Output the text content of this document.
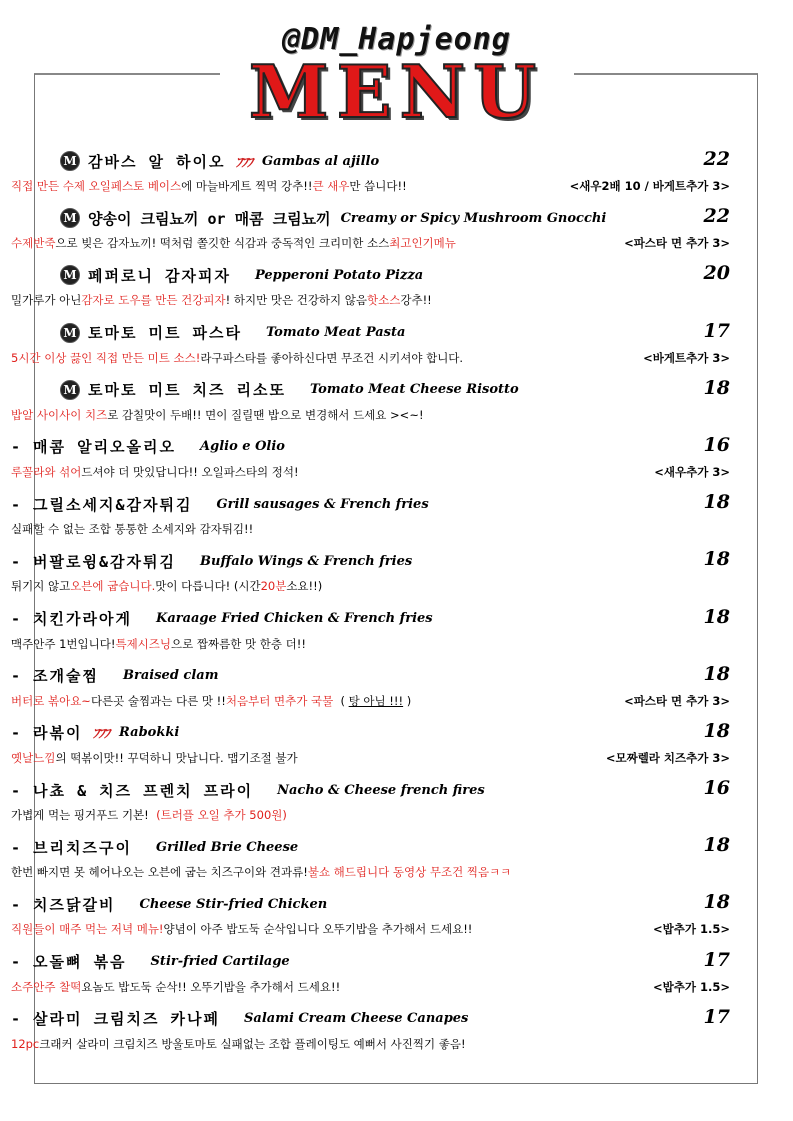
@DM_Hapjeong
MENU
M 감바스 알 하이오 ﾌﾌﾌ Gambas al ajillo	22
직접 만든 수제 오일페스토 베이스 에 마늘바게트 찍먹 강추!! 큰 새우 만 씁니다!!	<새우2배 10 / 바게트추가 3>
M 양송이 크림뇨끼 or 매콤 크림뇨끼 Creamy or Spicy Mushroom Gnocchi	22
수제반죽 으로 빚은 감자뇨끼! 떡처럼 쫄깃한 식감과 중독적인 크리미한 소스 최고인기메뉴	<파스타 면 추가 3>
M 페퍼로니 감자피자 Pepperoni Potato Pizza	20
밀가루가 아닌 감자로 도우를 만든 건강피자 ! 하지만 맛은 건강하지 않음 핫소스 강추!!
M 토마토 미트 파스타 Tomato Meat Pasta	17
5시간 이상 끓인 직접 만든 미트 소스! 라구파스타를 좋아하신다면 무조건 시키셔야 합니다.	<바게트추가 3>
M 토마토 미트 치즈 리소또 Tomato Meat Cheese Risotto	18
밥알 사이사이 치즈 로 감칠맛이 두배!! 면이 질릴땐 밥으로 변경해서 드세요 ><~!
- 매콤 알리오올리오 Aglio e Olio	16
루꼴라와 섞어 드셔야 더 맛있답니다!! 오일파스타의 정석!	<새우추가 3>
- 그릴소세지&감자튀김 Grill sausages & French fries	18
실패할 수 없는 조합 통통한 소세지와 감자튀김!!
- 버팔로윙&감자튀김 Buffalo Wings & French fries	18
튀기지 않고 오븐에 굽습니다. 맛이 다릅니다! (시간 20분 소요!!)
- 치킨가라아게 Karaage Fried Chicken & French fries	18
맥주안주 1번입니다! 특제시즈닝 으로 짭짜름한 맛 한층 더!!
- 조개술찜 Braised clam	18
버터로 볶아요~ 다른곳 술찜과는 다른 맛 !! 처음부터 면추가 국물 ( 탕 아님 !!! )	<파스타 면 추가 3>
- 라볶이 ﾌﾌﾌ Rabokki	18
옛날느낌 의 떡볶이맛!! 꾸덕하니 맛납니다. 맵기조절 불가	<모짜렐라 치즈추가 3>
- 나쵸 & 치즈 프렌치 프라이 Nacho & Cheese french fires	16
가볍게 먹는 핑거푸드 기본! (트러플 오일 추가 500원)
- 브리치즈구이 Grilled Brie Cheese	18
한번 빠지면 못 헤어나오는 오븐에 굽는 치즈구이와 견과류! 불쇼 해드립니다 동영상 무조건 찍음ㅋㅋ
- 치즈닭갈비 Cheese Stir-fried Chicken	18
직원들이 매주 먹는 저녁 메뉴! 양념이 아주 밥도둑 순삭입니다 오뚜기밥을 추가해서 드세요!!	<밥추가 1.5>
- 오돌뼈 볶음 Stir-fried Cartilage	17
소주안주 찰떡 요놈도 밥도둑 순삭!! 오뚜기밥을 추가해서 드세요!!	<밥추가 1.5>
- 살라미 크림치즈 카나페 Salami Cream Cheese Canapes	17
12pc 크래커 살라미 크림치즈 방울토마토 실패없는 조합 플레이팅도 예뻐서 사진찍기 좋음!
